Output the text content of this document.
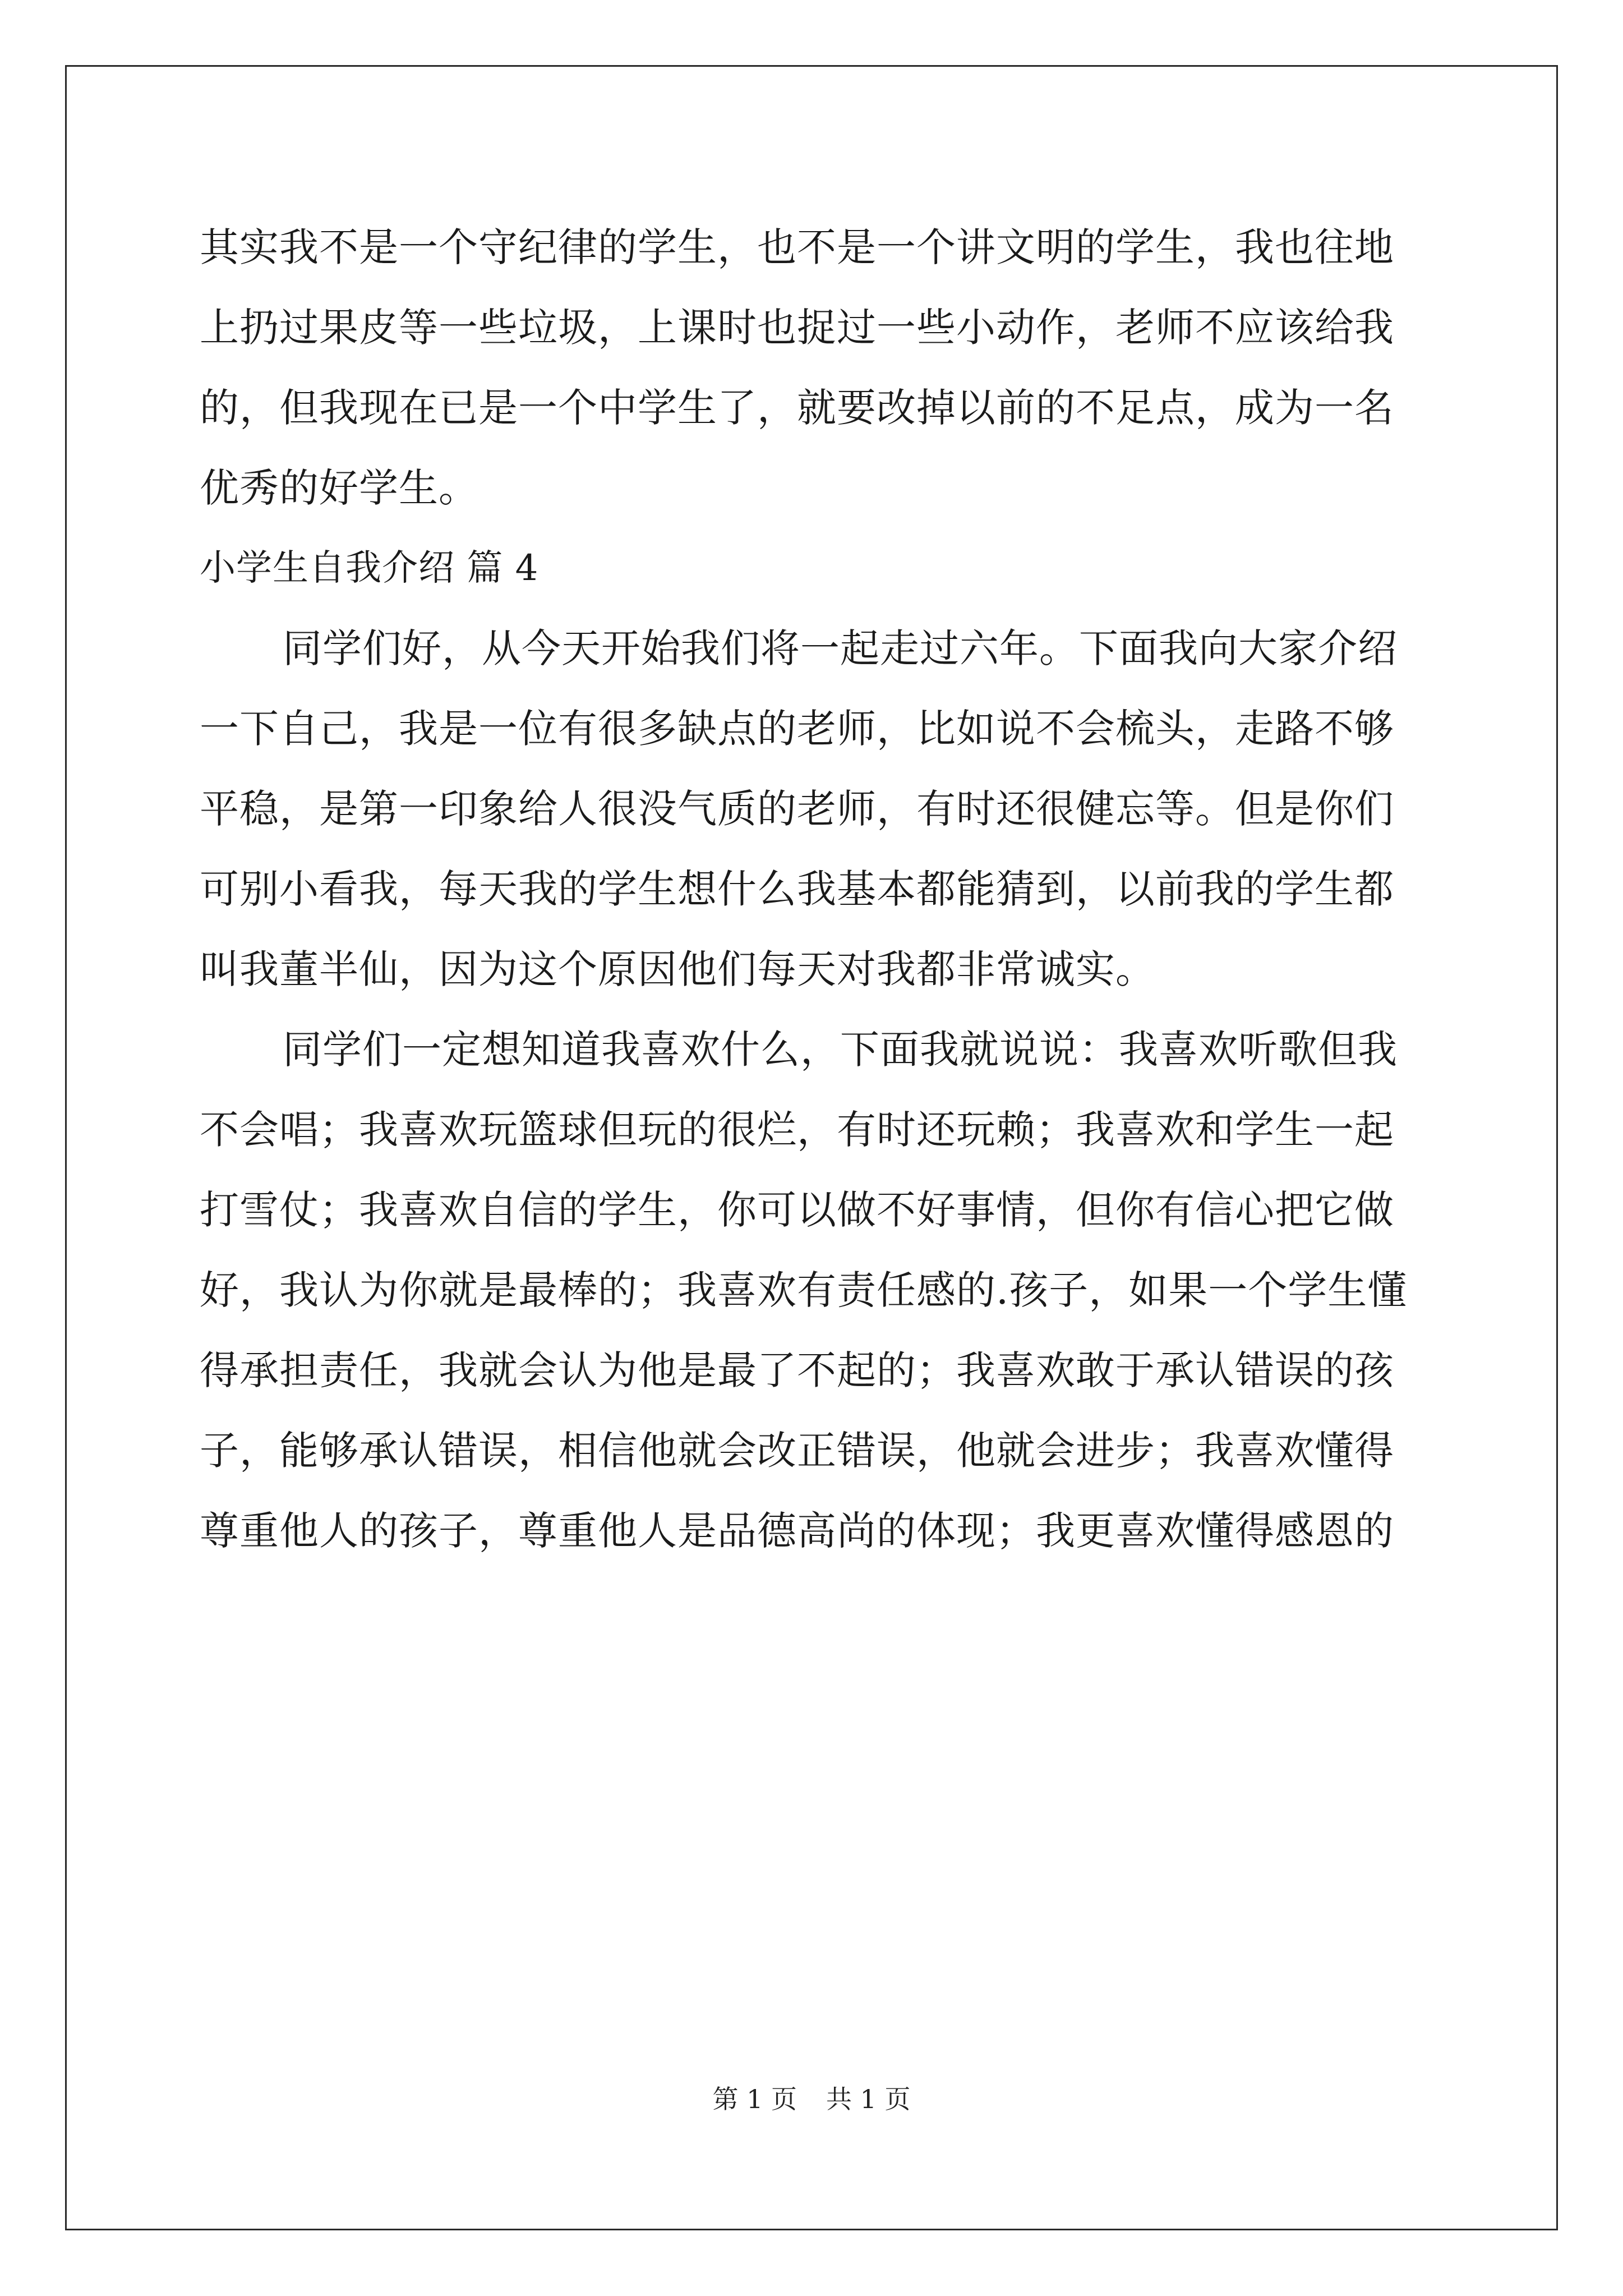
其实我不是一个守纪律的学生，也不是一个讲文明的学生，我也往地
上扔过果皮等一些垃圾，上课时也捉过一些小动作，老师不应该给我
的，但我现在已是一个中学生了，就要改掉以前的不足点，成为一名
优秀的好学生。
小学生自我介绍 篇 4
同学们好，从今天开始我们将一起走过六年。下面我向大家介绍
一下自己，我是一位有很多缺点的老师，比如说不会梳头，走路不够
平稳，是第一印象给人很没气质的老师，有时还很健忘等。但是你们
可别小看我，每天我的学生想什么我基本都能猜到，以前我的学生都
叫我董半仙，因为这个原因他们每天对我都非常诚实。
同学们一定想知道我喜欢什么，下面我就说说：我喜欢听歌但我
不会唱；我喜欢玩篮球但玩的很烂，有时还玩赖；我喜欢和学生一起
打雪仗；我喜欢自信的学生，你可以做不好事情，但你有信心把它做
好，我认为你就是最棒的；我喜欢有责任感的.孩子，如果一个学生懂
得承担责任，我就会认为他是最了不起的；我喜欢敢于承认错误的孩
子，能够承认错误，相信他就会改正错误，他就会进步；我喜欢懂得
尊重他人的孩子，尊重他人是品德高尚的体现；我更喜欢懂得感恩的
第 1 页 共 1 页
